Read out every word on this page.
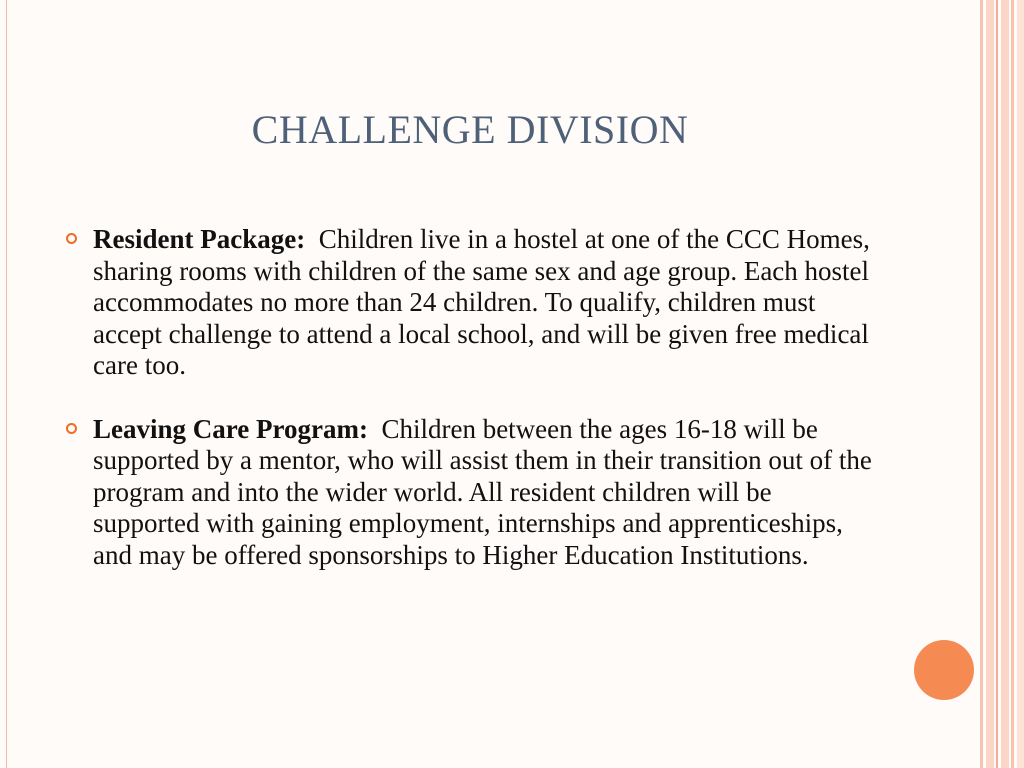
CHALLENGE DIVISION
Resident Package: Children live in a hostel at one of the CCC Homes, sharing rooms with children of the same sex and age group. Each hostel accommodates no more than 24 children. To qualify, children must accept challenge to attend a local school, and will be given free medical care too.
Leaving Care Program: Children between the ages 16-18 will be supported by a mentor, who will assist them in their transition out of the program and into the wider world. All resident children will be supported with gaining employment, internships and apprenticeships, and may be offered sponsorships to Higher Education Institutions.
